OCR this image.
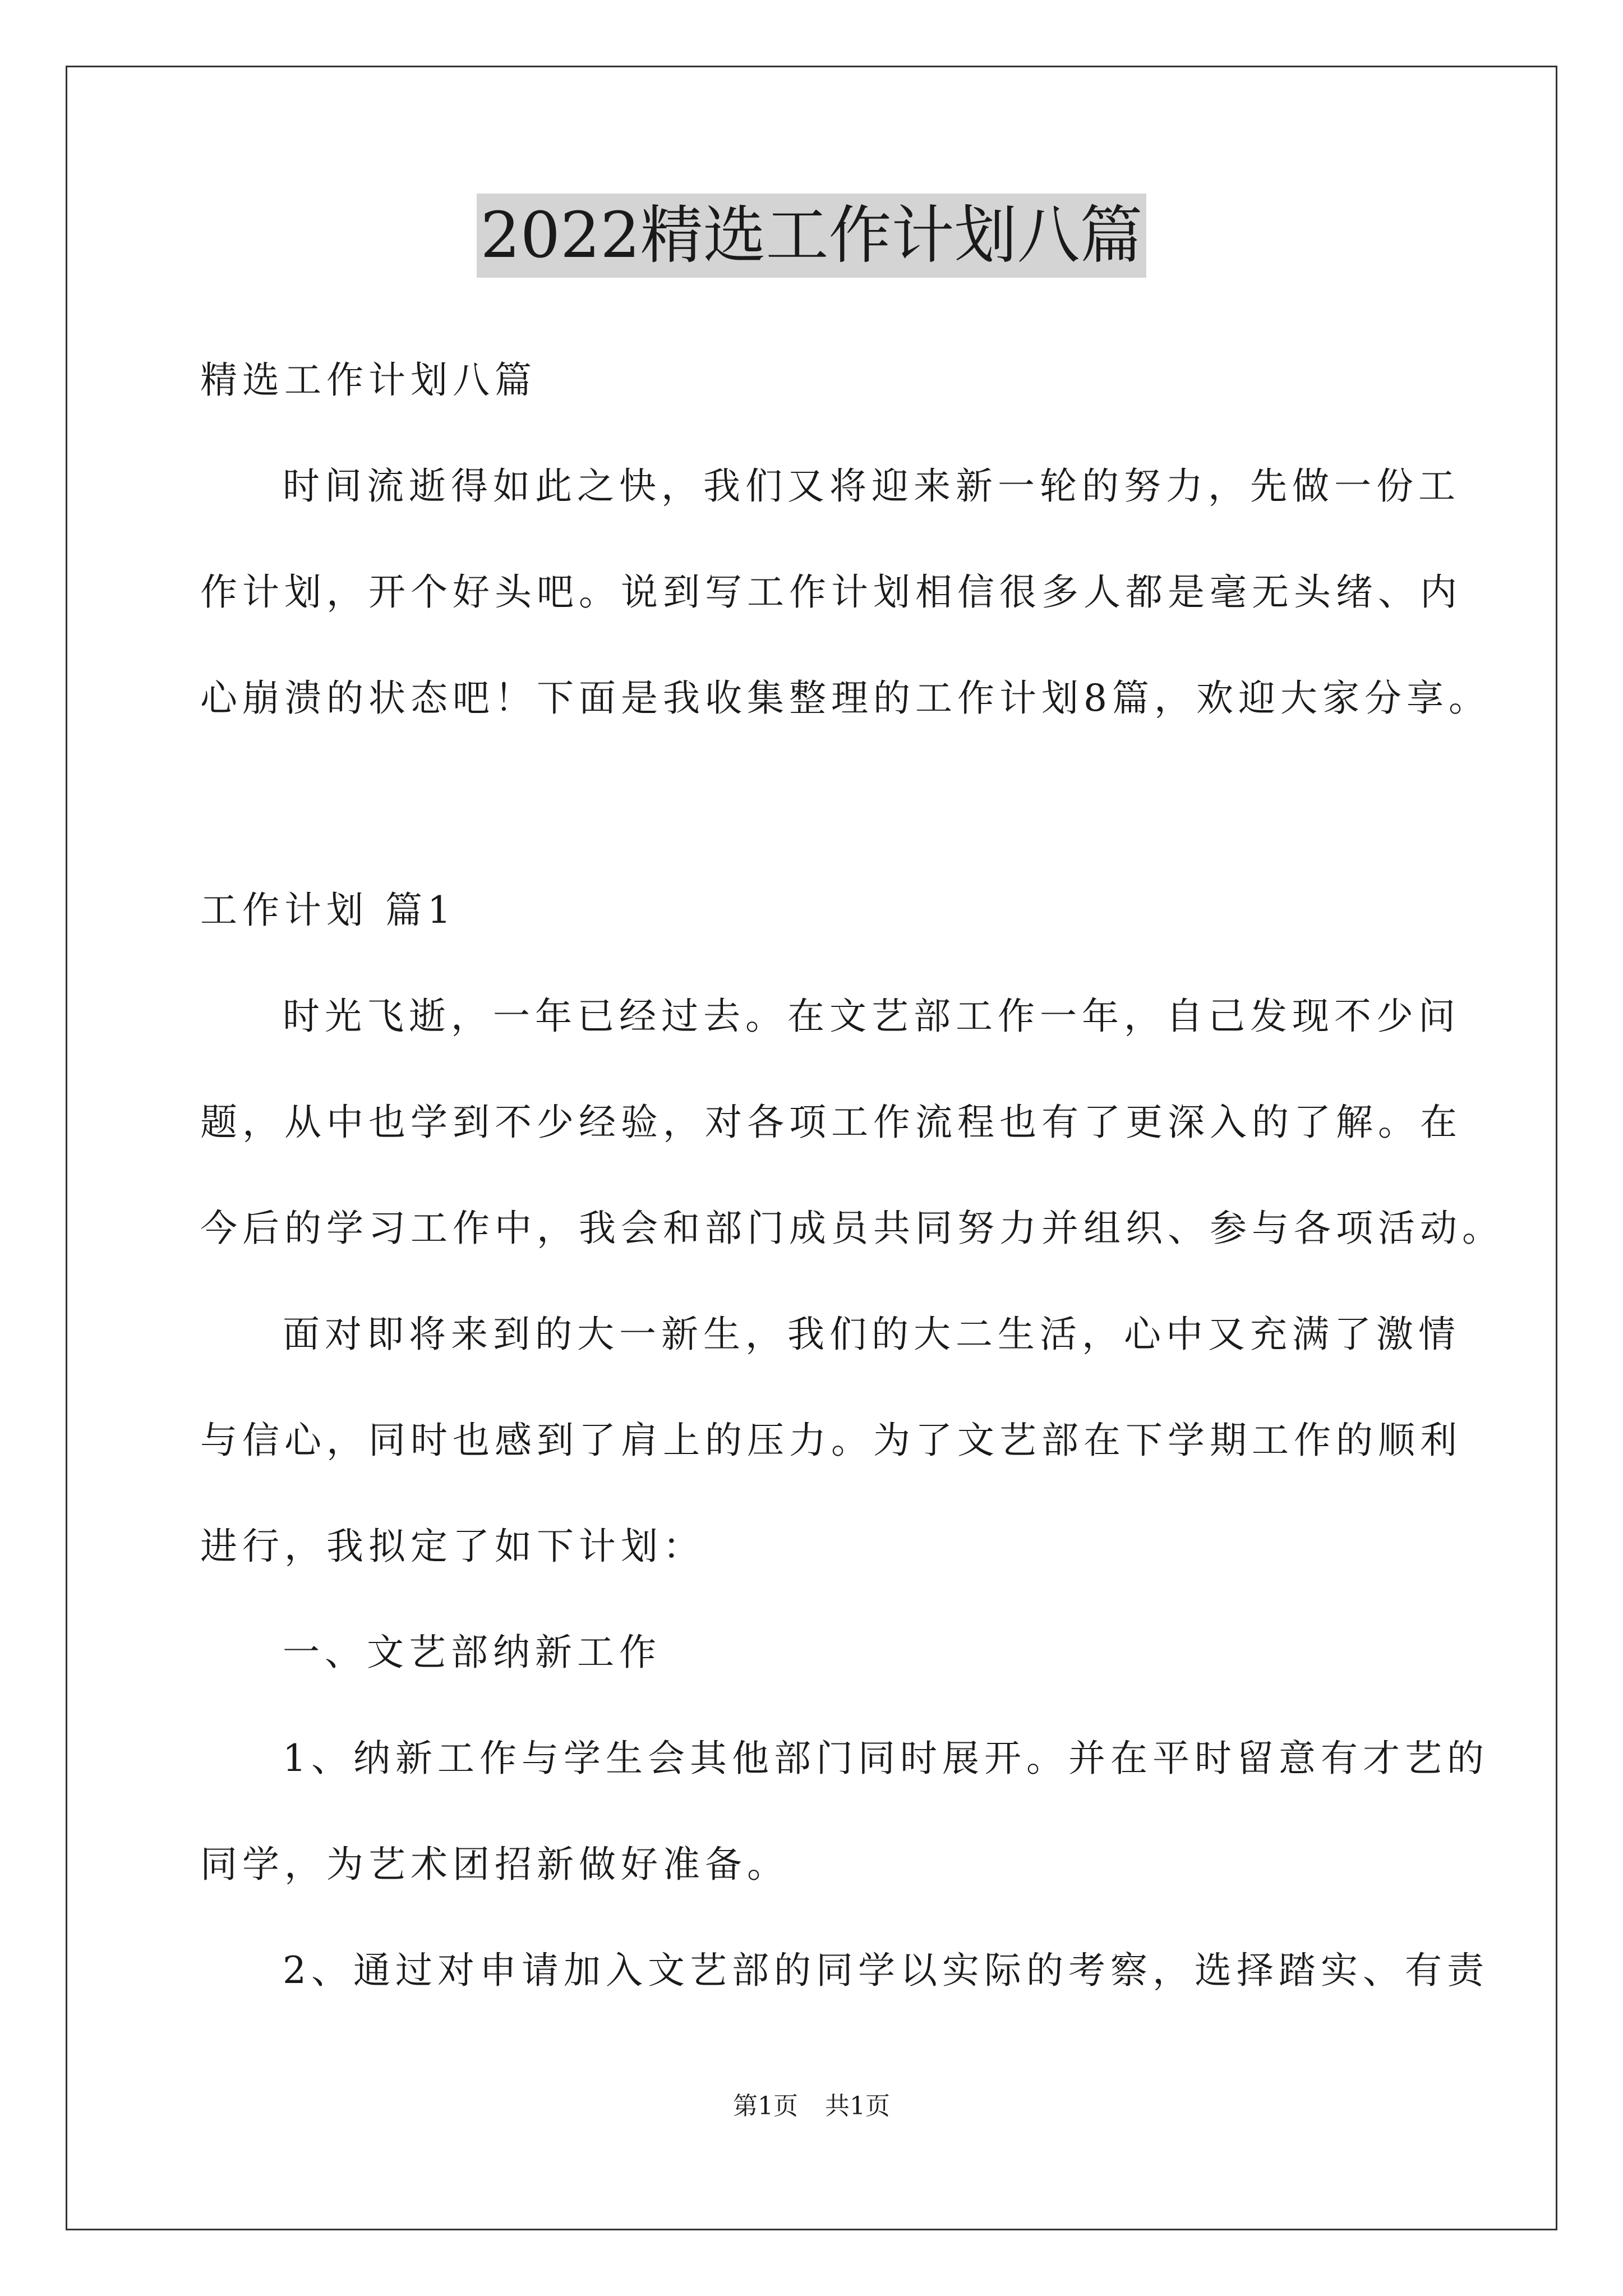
2022精选工作计划八篇
精选工作计划八篇
时间流逝得如此之快，我们又将迎来新一轮的努力，先做一份工
作计划，开个好头吧。说到写工作计划相信很多人都是毫无头绪、内
心崩溃的状态吧！下面是我收集整理的工作计划8篇，欢迎大家分享。
工作计划 篇1
时光飞逝，一年已经过去。在文艺部工作一年，自己发现不少问
题，从中也学到不少经验，对各项工作流程也有了更深入的了解。在
今后的学习工作中，我会和部门成员共同努力并组织、参与各项活动。
面对即将来到的大一新生，我们的大二生活，心中又充满了激情
与信心，同时也感到了肩上的压力。为了文艺部在下学期工作的顺利
进行，我拟定了如下计划：
一、文艺部纳新工作
1、纳新工作与学生会其他部门同时展开。并在平时留意有才艺的
同学，为艺术团招新做好准备。
2、通过对申请加入文艺部的同学以实际的考察，选择踏实、有责
第1页 共1页
